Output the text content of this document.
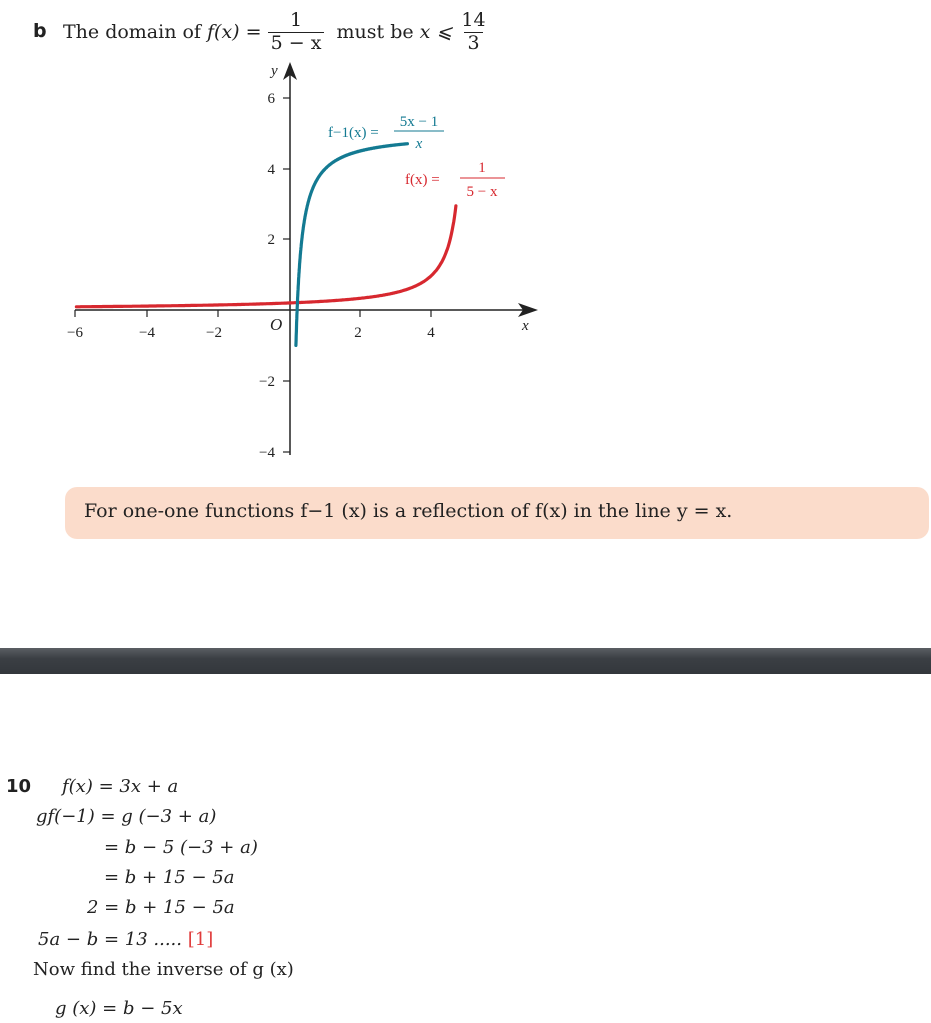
b The domain of
f(x) =
$\frac{1}{5 - x}$
must be
x ⩽
$\frac{14}{3}$
−6	−4	−2	2	4
6
4
2
−2
−4
O
y
x
f−1(x) =
5x − 1
x
f(x) =
1
5 − x
For one-one functions f−1 (x) is a reflection of f(x) in the line y = x.
10 f(x) = 3x + a
gf(−1) = g (−3 + a)
= b − 5 (−3 + a)
= b + 15 − 5a
2 = b + 15 − 5a
5a − b = 13 ..... [1]
Now find the inverse of g (x)
g (x) = b − 5x
